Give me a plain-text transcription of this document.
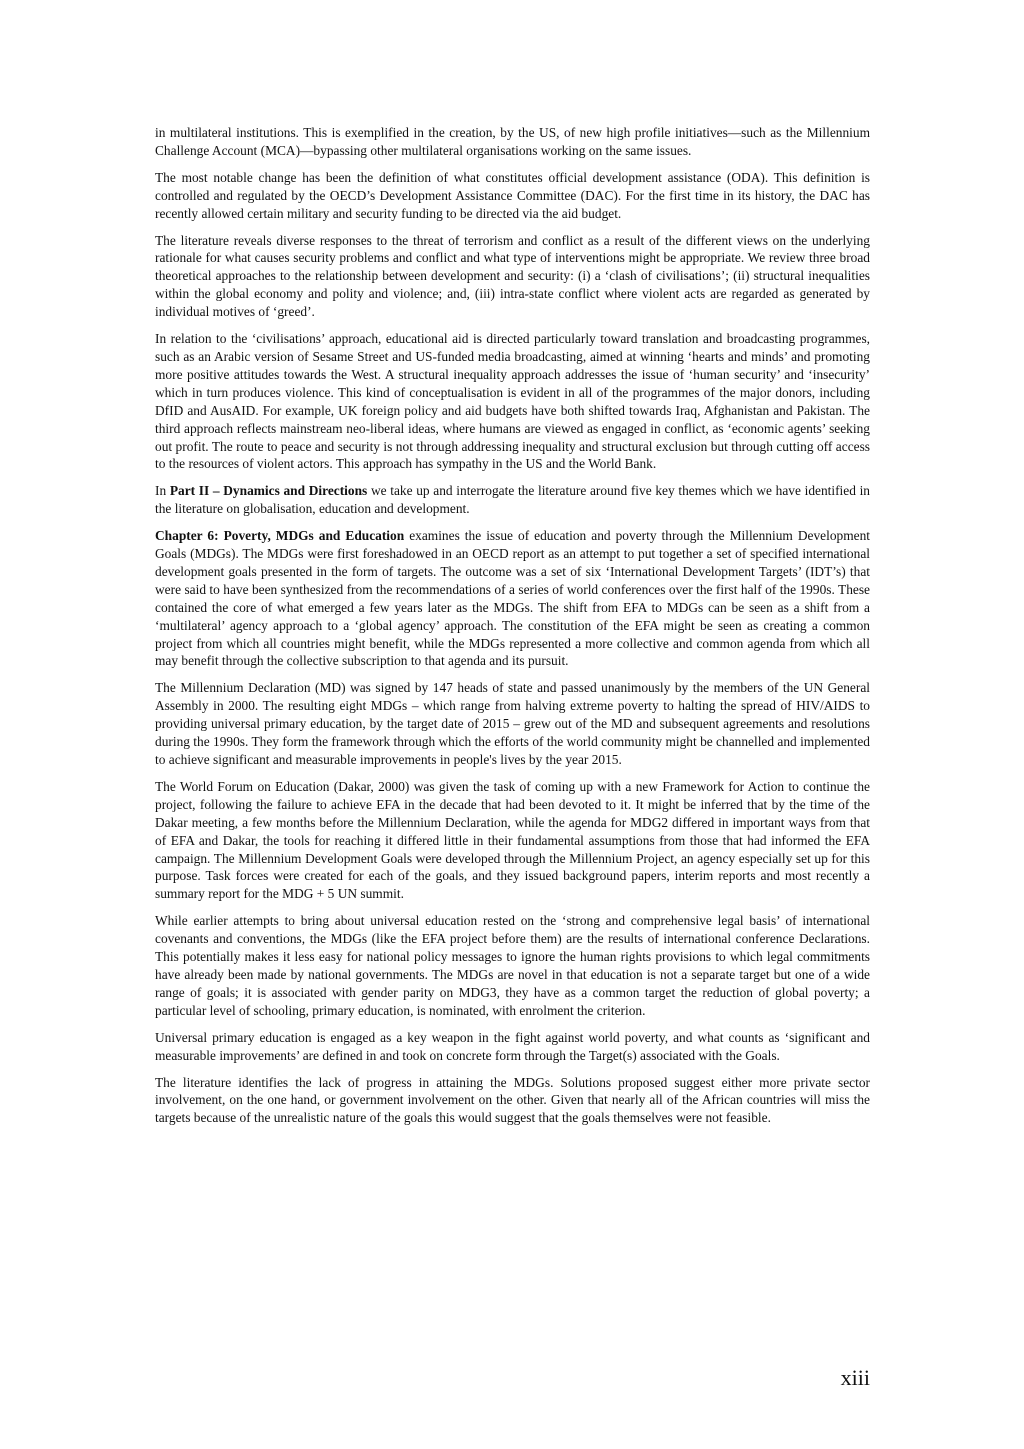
in multilateral institutions. This is exemplified in the creation, by the US, of new high profile initiatives—such as the Millennium Challenge Account (MCA)—bypassing other multilateral organisations working on the same issues.

The most notable change has been the definition of what constitutes official development assistance (ODA). This definition is controlled and regulated by the OECD’s Development Assistance Committee (DAC). For the first time in its history, the DAC has recently allowed certain military and security funding to be directed via the aid budget.

The literature reveals diverse responses to the threat of terrorism and conflict as a result of the different views on the underlying rationale for what causes security problems and conflict and what type of interventions might be appropriate. We review three broad theoretical approaches to the relationship between development and security: (i) a ‘clash of civilisations’; (ii) structural inequalities within the global economy and polity and violence; and, (iii) intra-state conflict where violent acts are regarded as generated by individual motives of ‘greed’.

In relation to the ‘civilisations’ approach, educational aid is directed particularly toward translation and broadcasting programmes, such as an Arabic version of Sesame Street and US-funded media broadcasting, aimed at winning ‘hearts and minds’ and promoting more positive attitudes towards the West. A structural inequality approach addresses the issue of ‘human security’ and ‘insecurity’ which in turn produces violence. This kind of conceptualisation is evident in all of the programmes of the major donors, including DfID and AusAID. For example, UK foreign policy and aid budgets have both shifted towards Iraq, Afghanistan and Pakistan. The third approach reflects mainstream neo-liberal ideas, where humans are viewed as engaged in conflict, as ‘economic agents’ seeking out profit. The route to peace and security is not through addressing inequality and structural exclusion but through cutting off access to the resources of violent actors. This approach has sympathy in the US and the World Bank.

In Part II – Dynamics and Directions we take up and interrogate the literature around five key themes which we have identified in the literature on globalisation, education and development.

Chapter 6: Poverty, MDGs and Education examines the issue of education and poverty through the Millennium Development Goals (MDGs). The MDGs were first foreshadowed in an OECD report as an attempt to put together a set of specified international development goals presented in the form of targets. The outcome was a set of six ‘International Development Targets’ (IDT’s) that were said to have been synthesized from the recommendations of a series of world conferences over the first half of the 1990s. These contained the core of what emerged a few years later as the MDGs. The shift from EFA to MDGs can be seen as a shift from a ‘multilateral’ agency approach to a ‘global agency’ approach. The constitution of the EFA might be seen as creating a common project from which all countries might benefit, while the MDGs represented a more collective and common agenda from which all may benefit through the collective subscription to that agenda and its pursuit.

The Millennium Declaration (MD) was signed by 147 heads of state and passed unanimously by the members of the UN General Assembly in 2000. The resulting eight MDGs – which range from halving extreme poverty to halting the spread of HIV/AIDS to providing universal primary education, by the target date of 2015 – grew out of the MD and subsequent agreements and resolutions during the 1990s. They form the framework through which the efforts of the world community might be channelled and implemented to achieve significant and measurable improvements in people's lives by the year 2015.

The World Forum on Education (Dakar, 2000) was given the task of coming up with a new Framework for Action to continue the project, following the failure to achieve EFA in the decade that had been devoted to it. It might be inferred that by the time of the Dakar meeting, a few months before the Millennium Declaration, while the agenda for MDG2 differed in important ways from that of EFA and Dakar, the tools for reaching it differed little in their fundamental assumptions from those that had informed the EFA campaign. The Millennium Development Goals were developed through the Millennium Project, an agency especially set up for this purpose. Task forces were created for each of the goals, and they issued background papers, interim reports and most recently a summary report for the MDG + 5 UN summit.

While earlier attempts to bring about universal education rested on the ‘strong and comprehensive legal basis’ of international covenants and conventions, the MDGs (like the EFA project before them) are the results of international conference Declarations. This potentially makes it less easy for national policy messages to ignore the human rights provisions to which legal commitments have already been made by national governments. The MDGs are novel in that education is not a separate target but one of a wide range of goals; it is associated with gender parity on MDG3, they have as a common target the reduction of global poverty; a particular level of schooling, primary education, is nominated, with enrolment the criterion.

Universal primary education is engaged as a key weapon in the fight against world poverty, and what counts as ‘significant and measurable improvements’ are defined in and took on concrete form through the Target(s) associated with the Goals.

The literature identifies the lack of progress in attaining the MDGs. Solutions proposed suggest either more private sector involvement, on the one hand, or government involvement on the other. Given that nearly all of the African countries will miss the targets because of the unrealistic nature of the goals this would suggest that the goals themselves were not feasible.

xiii
